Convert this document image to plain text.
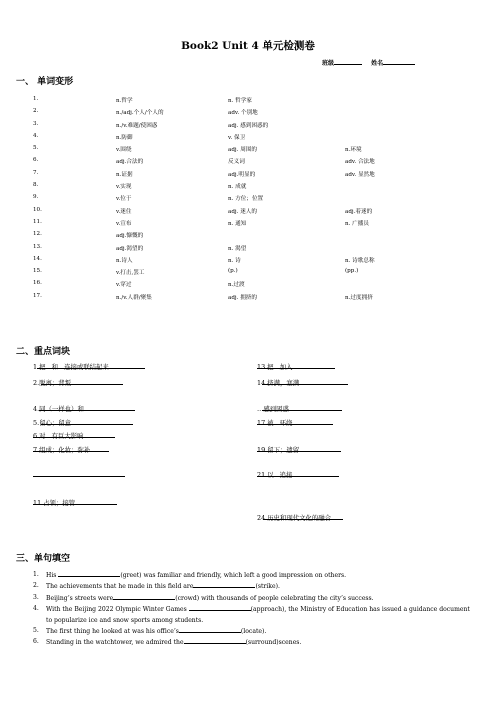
Book2 Unit 4 单元检测卷
班级	姓名
一、 单词变形
1.	n.哲学	n. 哲学家
2.	n./adj.个人/个人的	adv. 个别地
3.	n./v.难题/使困惑	adj. 感到困惑的
4.	n.防御	v. 保卫
5.	v.围绕	adj. 周围的	n.环境
6.	adj.合法的	反义词	adv. 合法地
7.	n.证据	adj.明显的	adv. 显然地
8.	v.实现	n. 成就
9.	v.位于	n. 方位；位置
10.	v.迷住	adj. 迷人的	adj.着迷的
11.	v.宣布	n. 通知	n. 广播员
12.	adj.慷慨的
13.	adj.渴望的	n. 渴望
14.	n.诗人	n. 诗	n. 诗歌总称
15.	v.打击,罢工	(p.)	(pp.)
16.	v.穿过	n.过渡
17.	n./v.人群/聚集	adj. 拥挤的	n.过度拥挤
二、重点词块
1.把...和...连接或联结起来	13.把...加入
2.脱离；背叛	14.挤满，塞满
4.同（一样也）和	…感到困惑
5.留心；留意	17.被...环绕
6.对...有巨大影响
7.组成；化妆；弥补	19.留下；遗留
21.以...追接
11.占领；接管
24.历史和现代文化的融合
三、单句填空
1. His	(greet) was familiar and friendly, which left a good impression on others.
2. The achievements that he made in this field are	(strike).
3. Beijing’s streets were	(crowd) with thousands of people celebrating the city’s success.
4. With the Beijing 2022 Olympic Winter Games	(approach), the Ministry of Education has issued a guidance document to popularize ice and snow sports among students.
5. The first thing he looked at was his office’s	(locate).
6. Standing in the watchtower, we admired the	(surround)scenes.
